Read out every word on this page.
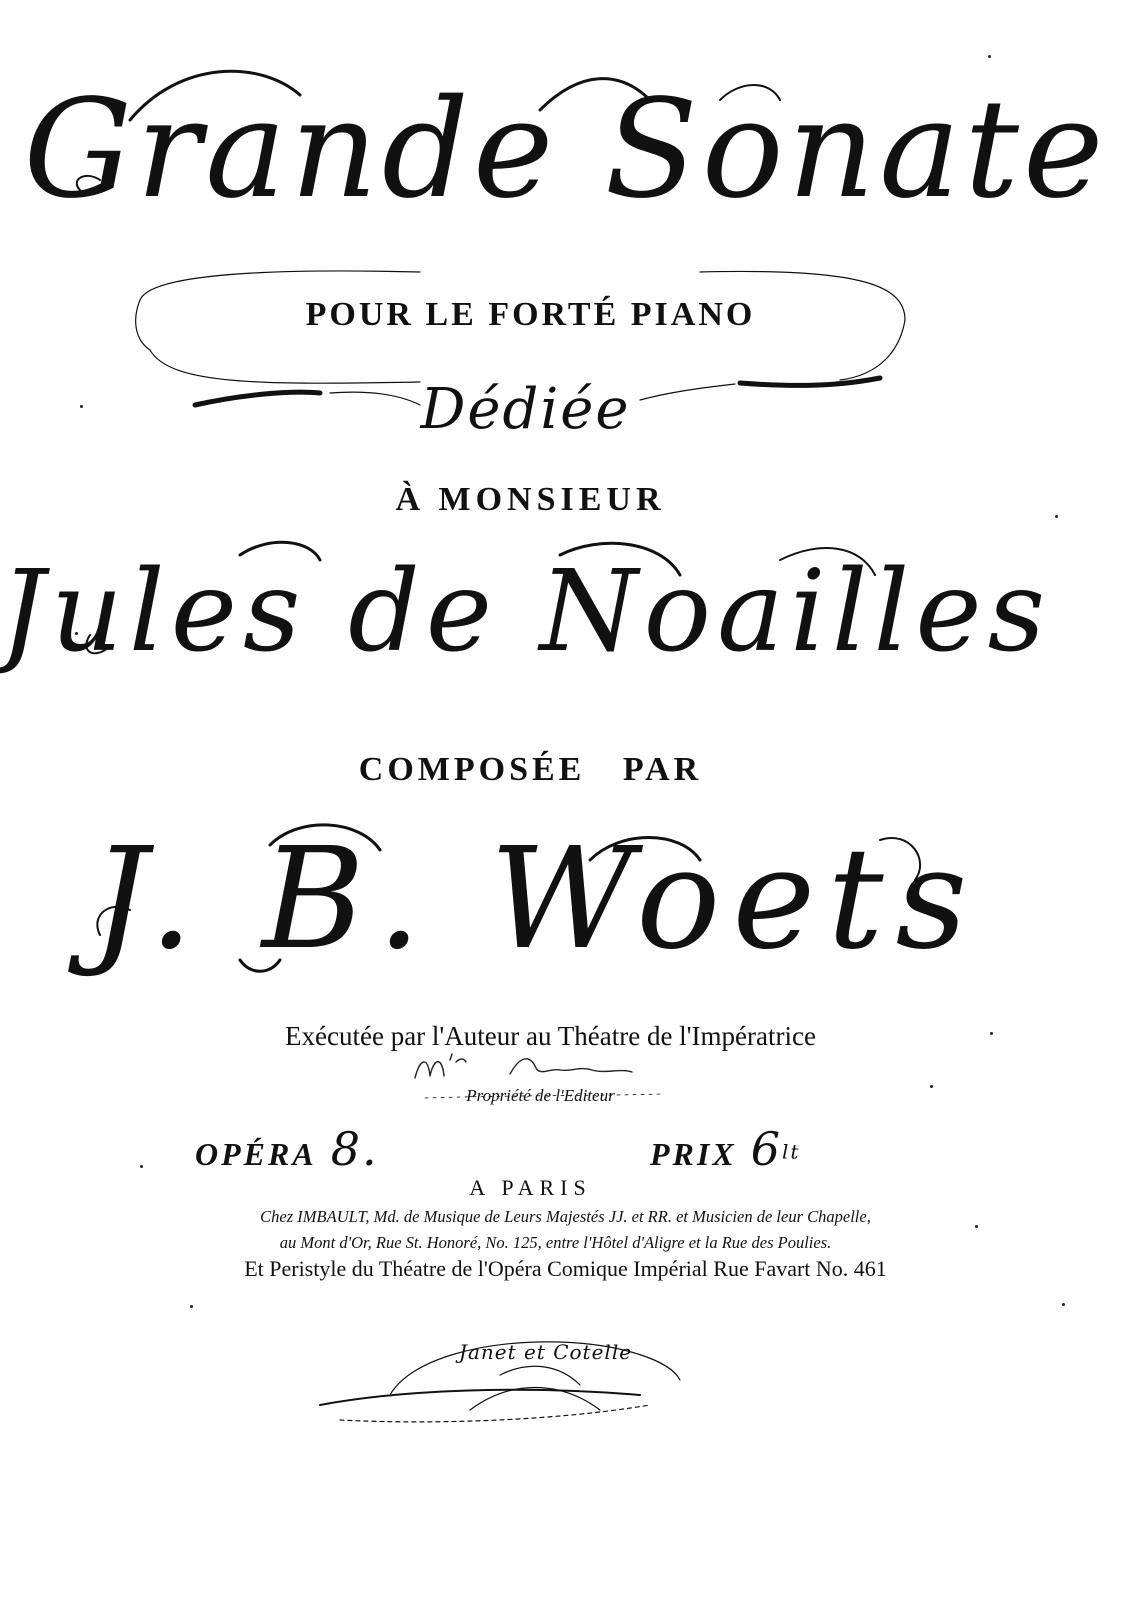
Grande Sonate
POUR LE FORTÉ PIANO
Dédiée
À MONSIEUR
Jules de Noailles
COMPOSÉE   PAR
J. B. Woets
Exécutée par l'Auteur au Théatre de l'Impératrice
Propriété de l'Editeur
OPÉRA 8.	PRIX 6lt
A PARIS
Chez IMBAULT, Md. de Musique de Leurs Majestés JJ. et RR. et Musicien de leur Chapelle,
au Mont d'Or, Rue St. Honoré, No. 125, entre l'Hôtel d'Aligre et la Rue des Poulies.
Et Peristyle du Théatre de l'Opéra Comique Impérial Rue Favart No. 461
Janet et Cotelle
